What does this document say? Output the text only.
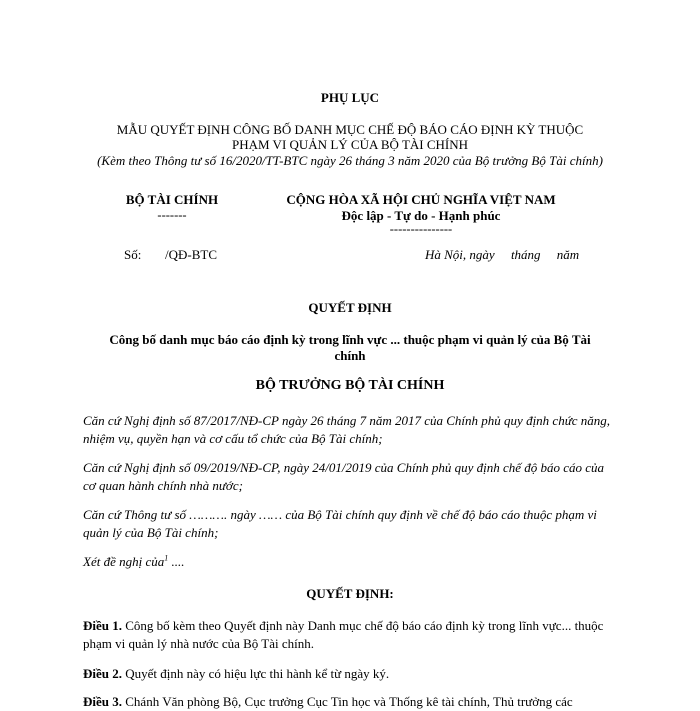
PHỤ LỤC
MẪU QUYẾT ĐỊNH CÔNG BỐ DANH MỤC CHẾ ĐỘ BÁO CÁO ĐỊNH KỲ THUỘC
PHẠM VI QUẢN LÝ CỦA BỘ TÀI CHÍNH
(Kèm theo Thông tư số 16/2020/TT-BTC ngày 26 tháng 3 năm 2020 của Bộ trưởng Bộ Tài chính)
BỘ TÀI CHÍNH
-------
CỘNG HÒA XÃ HỘI CHỦ NGHĨA VIỆT NAM
Độc lập - Tự do - Hạnh phúc
---------------
Số: /QĐ-BTC	Hà Nội, ngày     tháng     năm
QUYẾT ĐỊNH
Công bố danh mục báo cáo định kỳ trong lĩnh vực ... thuộc phạm vi quản lý của Bộ Tài
chính
BỘ TRƯỞNG BỘ TÀI CHÍNH
Căn cứ Nghị định số 87/2017/NĐ-CP ngày 26 tháng 7 năm 2017 của Chính phủ quy định chức năng, nhiệm vụ, quyền hạn và cơ cấu tổ chức của Bộ Tài chính;
Căn cứ Nghị định số 09/2019/NĐ-CP, ngày 24/01/2019 của Chính phủ quy định chế độ báo cáo của cơ quan hành chính nhà nước;
Căn cứ Thông tư số ………. ngày …… của Bộ Tài chính quy định về chế độ báo cáo thuộc phạm vi quản lý của Bộ Tài chính;
Xét đề nghị của$^1$ ....
QUYẾT ĐỊNH:
Điều 1. Công bố kèm theo Quyết định này Danh mục chế độ báo cáo định kỳ trong lĩnh vực... thuộc phạm vi quản lý nhà nước của Bộ Tài chính.
Điều 2. Quyết định này có hiệu lực thi hành kể từ ngày ký.
Điều 3. Chánh Văn phòng Bộ, Cục trưởng Cục Tin học và Thống kê tài chính, Thủ trưởng các
